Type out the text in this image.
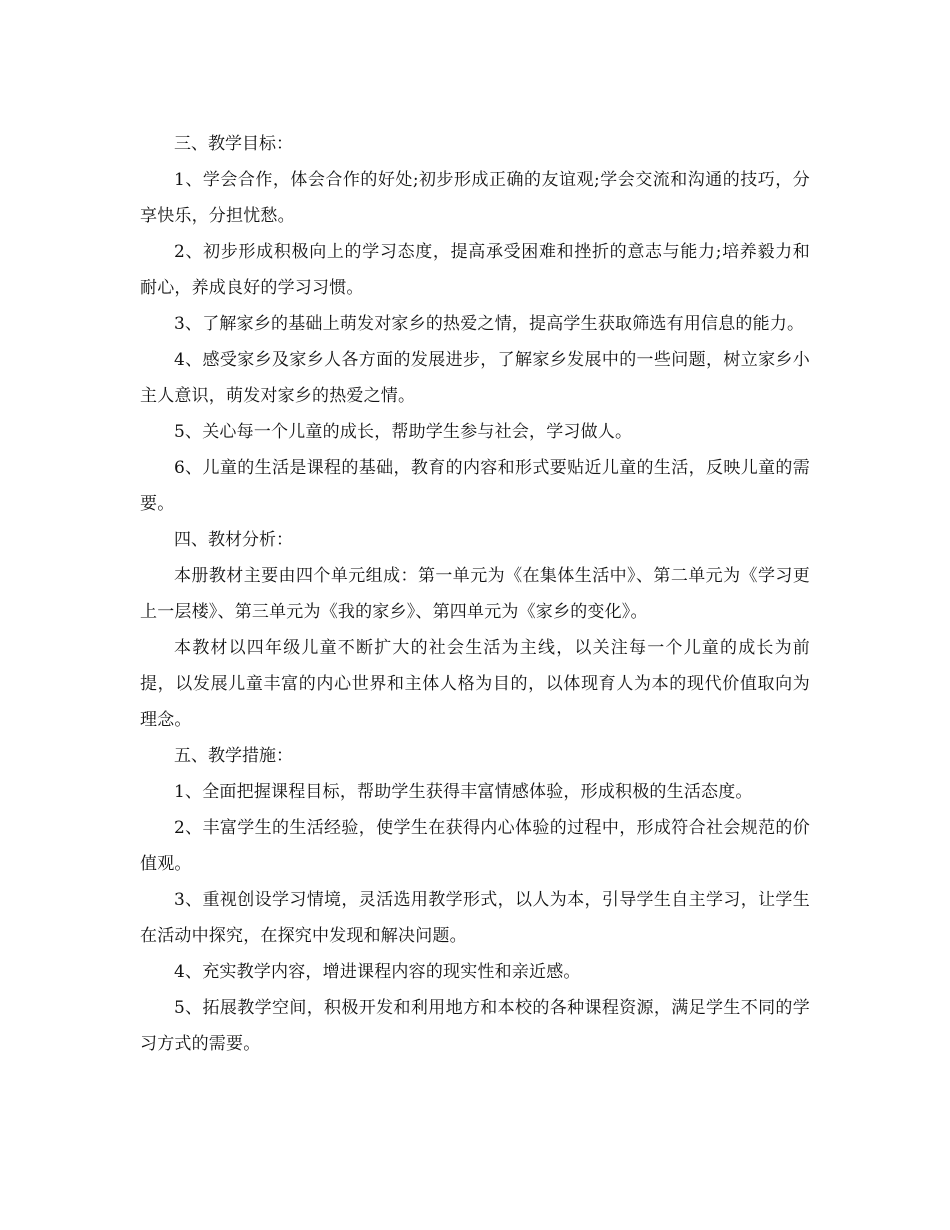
三、教学目标：

1、学会合作，体会合作的好处;初步形成正确的友谊观;学会交流和沟通的技巧，分享快乐，分担忧愁。

2、初步形成积极向上的学习态度，提高承受困难和挫折的意志与能力;培养毅力和耐心，养成良好的学习习惯。

3、了解家乡的基础上萌发对家乡的热爱之情，提高学生获取筛选有用信息的能力。

4、感受家乡及家乡人各方面的发展进步，了解家乡发展中的一些问题，树立家乡小主人意识，萌发对家乡的热爱之情。

5、关心每一个儿童的成长，帮助学生参与社会，学习做人。

6、儿童的生活是课程的基础，教育的内容和形式要贴近儿童的生活，反映儿童的需要。

四、教材分析：

本册教材主要由四个单元组成：第一单元为《在集体生活中》、第二单元为《学习更上一层楼》、第三单元为《我的家乡》、第四单元为《家乡的变化》。

本教材以四年级儿童不断扩大的社会生活为主线，以关注每一个儿童的成长为前提，以发展儿童丰富的内心世界和主体人格为目的，以体现育人为本的现代价值取向为理念。

五、教学措施：

1、全面把握课程目标，帮助学生获得丰富情感体验，形成积极的生活态度。

2、丰富学生的生活经验，使学生在获得内心体验的过程中，形成符合社会规范的价值观。

3、重视创设学习情境，灵活选用教学形式，以人为本，引导学生自主学习，让学生在活动中探究，在探究中发现和解决问题。

4、充实教学内容，增进课程内容的现实性和亲近感。

5、拓展教学空间，积极开发和利用地方和本校的各种课程资源，满足学生不同的学习方式的需要。
